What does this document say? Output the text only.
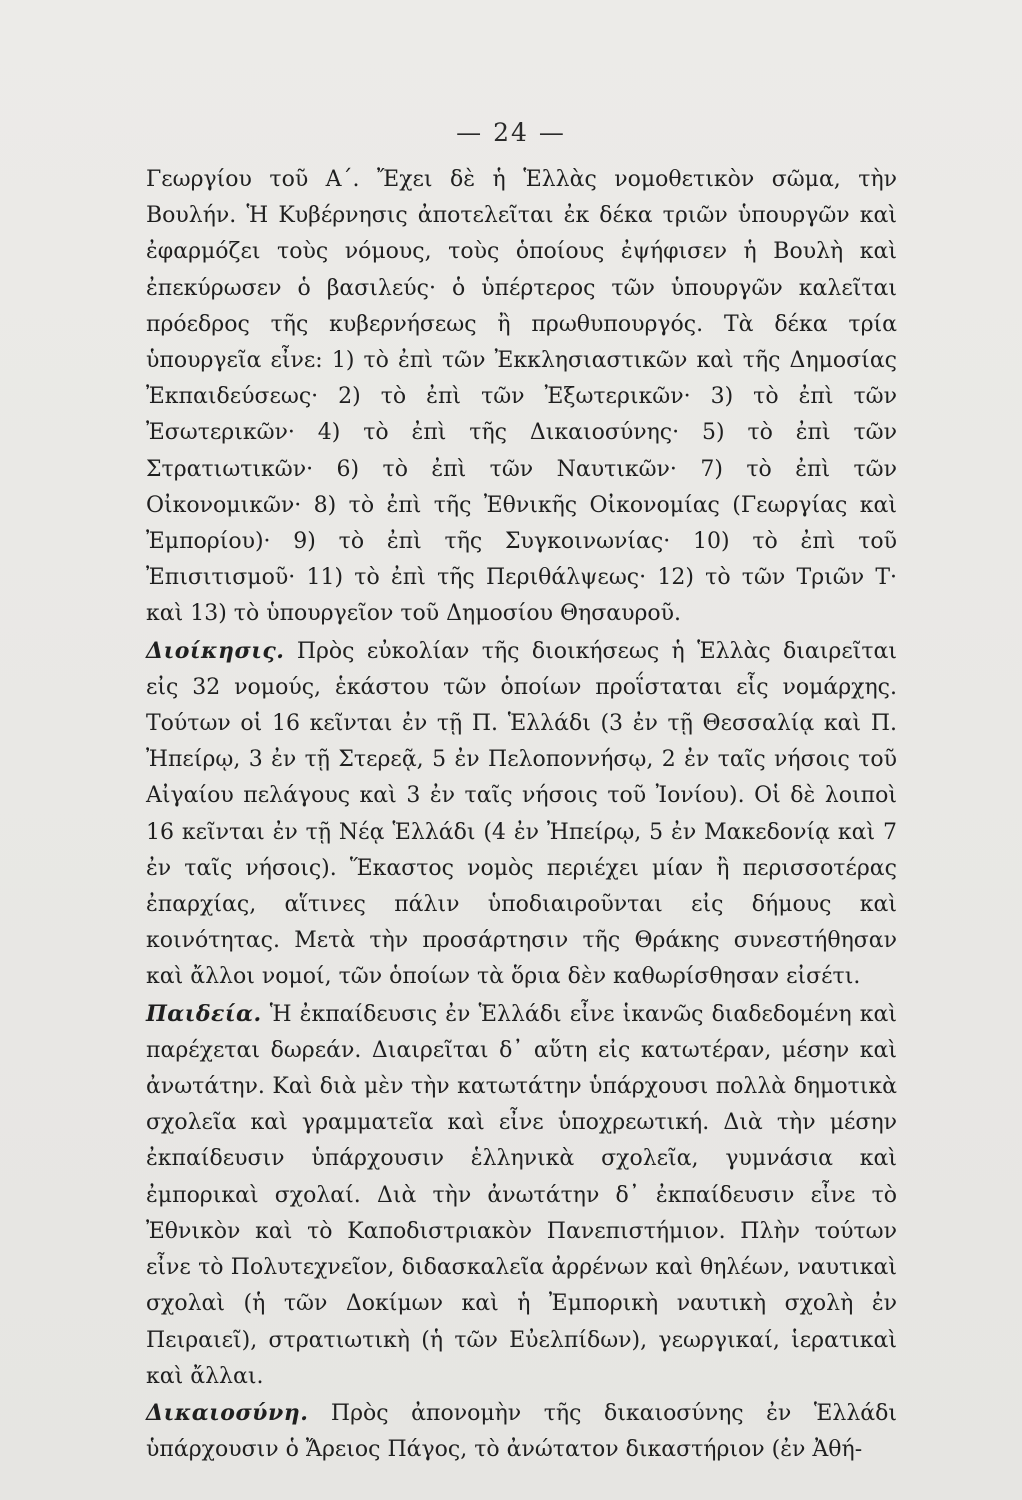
— 24 —

Γεωργίου τοῦ Α΄. Ἔχει δὲ ἡ Ἑλλὰς νομοθετικὸν σῶμα, τὴν Βουλήν. Ἡ Κυβέρνησις ἀποτελεῖται ἐκ δέκα τριῶν ὑπουργῶν καὶ ἐφαρμόζει τοὺς νόμους, τοὺς ὁποίους ἐψήφισεν ἡ Βουλὴ καὶ ἐπεκύρωσεν ὁ βασιλεύς· ὁ ὑπέρτερος τῶν ὑπουργῶν καλεῖται πρόεδρος τῆς κυβερνήσεως ἢ πρωθυπουργός. Τὰ δέκα τρία ὑπουργεῖα εἶνε: 1) τὸ ἐπὶ τῶν Ἐκκλησιαστικῶν καὶ τῆς Δημοσίας Ἐκπαιδεύσεως· 2) τὸ ἐπὶ τῶν Ἐξωτερικῶν· 3) τὸ ἐπὶ τῶν Ἐσωτερικῶν· 4) τὸ ἐπὶ τῆς Δικαιοσύνης· 5) τὸ ἐπὶ τῶν Στρατιωτικῶν· 6) τὸ ἐπὶ τῶν Ναυτικῶν· 7) τὸ ἐπὶ τῶν Οἰκονομικῶν· 8) τὸ ἐπὶ τῆς Ἐθνικῆς Οἰκονομίας (Γεωργίας καὶ Ἐμπορίου)· 9) τὸ ἐπὶ τῆς Συγκοινωνίας· 10) τὸ ἐπὶ τοῦ Ἐπισιτισμοῦ· 11) τὸ ἐπὶ τῆς Περιθάλψεως· 12) τὸ τῶν Τριῶν Τ· καὶ 13) τὸ ὑπουργεῖον τοῦ Δημοσίου Θησαυροῦ.

Διοίκησις. Πρὸς εὐκολίαν τῆς διοικήσεως ἡ Ἑλλὰς διαιρεῖται εἰς 32 νομούς, ἑκάστου τῶν ὁποίων προΐσταται εἷς νομάρχης. Τούτων οἱ 16 κεῖνται ἐν τῇ Π. Ἑλλάδι (3 ἐν τῇ Θεσσαλίᾳ καὶ Π. Ἠπείρῳ, 3 ἐν τῇ Στερεᾷ, 5 ἐν Πελοποννήσῳ, 2 ἐν ταῖς νήσοις τοῦ Αἰγαίου πελάγους καὶ 3 ἐν ταῖς νήσοις τοῦ Ἰονίου). Οἱ δὲ λοιποὶ 16 κεῖνται ἐν τῇ Νέᾳ Ἑλλάδι (4 ἐν Ἠπείρῳ, 5 ἐν Μακεδονίᾳ καὶ 7 ἐν ταῖς νήσοις). Ἕκαστος νομὸς περιέχει μίαν ἢ περισσοτέρας ἐπαρχίας, αἵτινες πάλιν ὑποδιαιροῦνται εἰς δήμους καὶ κοινότητας. Μετὰ τὴν προσάρτησιν τῆς Θράκης συνεστήθησαν καὶ ἄλλοι νομοί, τῶν ὁποίων τὰ ὅρια δὲν καθωρίσθησαν εἰσέτι.

Παιδεία. Ἡ ἐκπαίδευσις ἐν Ἑλλάδι εἶνε ἱκανῶς διαδεδομένη καὶ παρέχεται δωρεάν. Διαιρεῖται δ᾽ αὕτη εἰς κατωτέραν, μέσην καὶ ἀνωτάτην. Καὶ διὰ μὲν τὴν κατωτάτην ὑπάρχουσι πολλὰ δημοτικὰ σχολεῖα καὶ γραμματεῖα καὶ εἶνε ὑποχρεωτική. Διὰ τὴν μέσην ἐκπαίδευσιν ὑπάρχουσιν ἑλληνικὰ σχολεῖα, γυμνάσια καὶ ἐμπορικαὶ σχολαί. Διὰ τὴν ἀνωτάτην δ᾽ ἐκπαίδευσιν εἶνε τὸ Ἐθνικὸν καὶ τὸ Καποδιστριακὸν Πανεπιστήμιον. Πλὴν τούτων εἶνε τὸ Πολυτεχνεῖον, διδασκαλεῖα ἀρρένων καὶ θηλέων, ναυτικαὶ σχολαὶ (ἡ τῶν Δοκίμων καὶ ἡ Ἐμπορικὴ ναυτικὴ σχολὴ ἐν Πειραιεῖ), στρατιωτικὴ (ἡ τῶν Εὐελπίδων), γεωργικαί, ἱερατικαὶ καὶ ἄλλαι.

Δικαιοσύνη. Πρὸς ἀπονομὴν τῆς δικαιοσύνης ἐν Ἑλλάδι ὑπάρχουσιν ὁ Ἄρειος Πάγος, τὸ ἀνώτατον δικαστήριον (ἐν Ἀθή-
